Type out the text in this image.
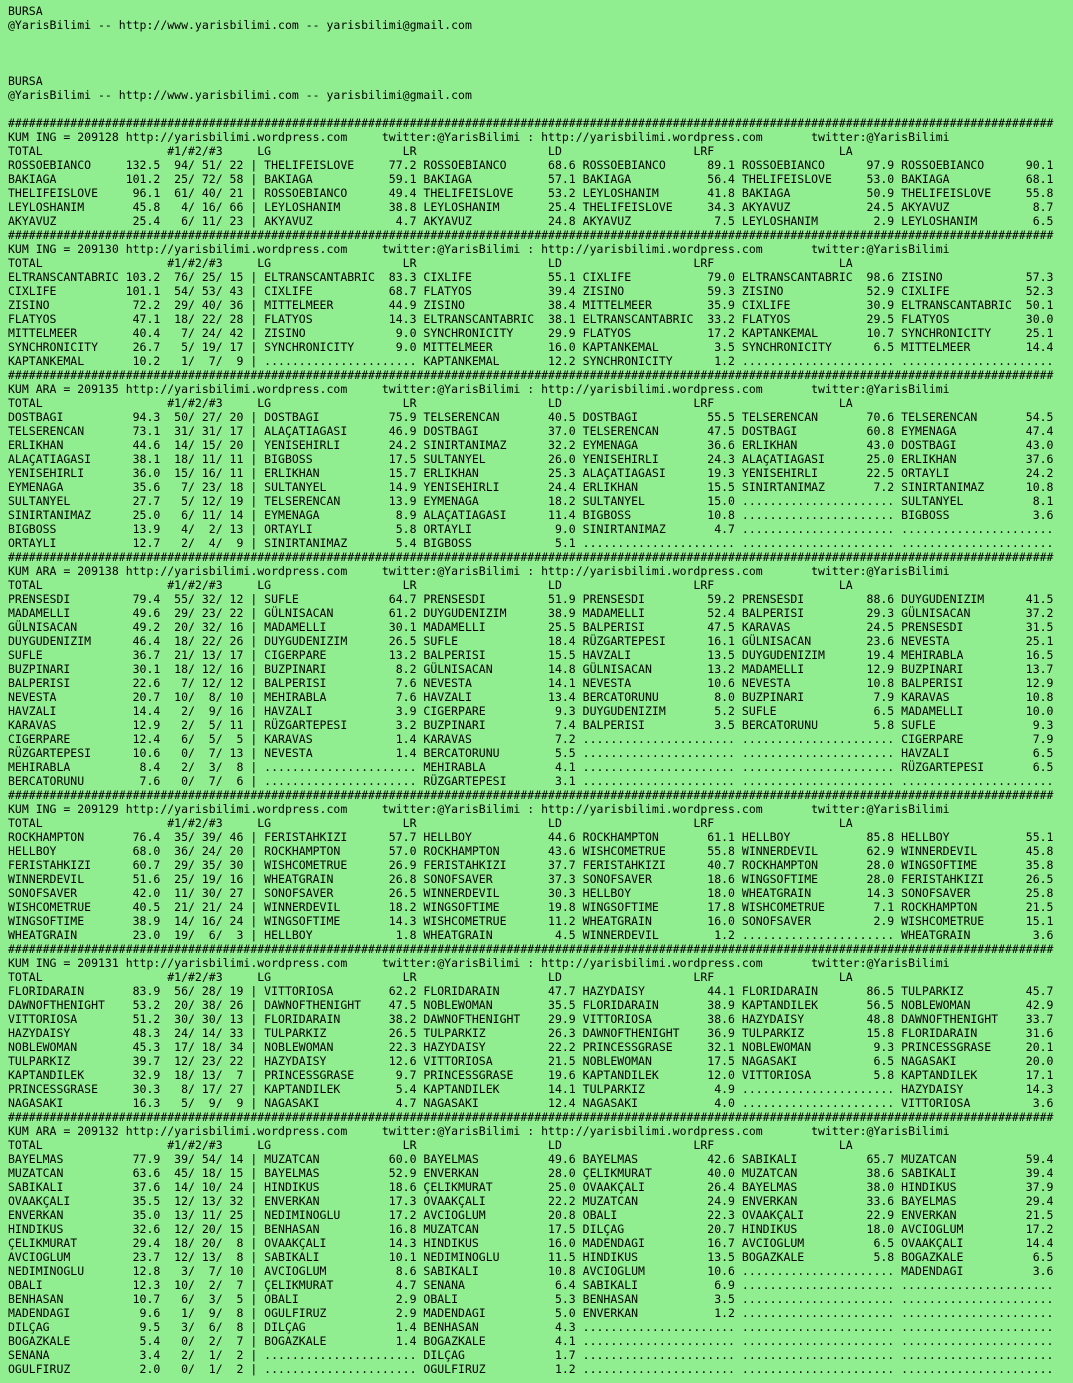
BURSA
@YarisBilimi -- http://www.yarisbilimi.com -- yarisbilimi@gmail.com
BURSA
@YarisBilimi -- http://www.yarisbilimi.com -- yarisbilimi@gmail.com

#######################################################################################################################################################
KUM ING = 209128 http://yarisbilimi.wordpress.com     twitter:@YarisBilimi : http://yarisbilimi.wordpress.com       twitter:@YarisBilimi
TOTAL                  #1/#2/#3     LG                   LR                   LD                   LRF                  LA
ROSSOEBIANCO     132.5  94/ 51/ 22 | THELIFEISLOVE     77.2 ROSSOEBIANCO      68.6 ROSSOEBIANCO      89.1 ROSSOEBIANCO      97.9 ROSSOEBIANCO      90.1
BAKIAGA          101.2  25/ 72/ 58 | BAKIAGA           59.1 BAKIAGA           57.1 BAKIAGA           56.4 THELIFEISLOVE     53.0 BAKIAGA           68.1
THELIFEISLOVE     96.1  61/ 40/ 21 | ROSSOEBIANCO      49.4 THELIFEISLOVE     53.2 LEYLOSHANIM       41.8 BAKIAGA           50.9 THELIFEISLOVE     55.8
LEYLOSHANIM       45.8   4/ 16/ 66 | LEYLOSHANIM       38.8 LEYLOSHANIM       25.4 THELIFEISLOVE     34.3 AKYAVUZ           24.5 AKYAVUZ            8.7
AKYAVUZ           25.4   6/ 11/ 23 | AKYAVUZ            4.7 AKYAVUZ           24.8 AKYAVUZ            7.5 LEYLOSHANIM        2.9 LEYLOSHANIM        6.5
#######################################################################################################################################################
KUM ING = 209130 http://yarisbilimi.wordpress.com     twitter:@YarisBilimi : http://yarisbilimi.wordpress.com       twitter:@YarisBilimi
TOTAL                  #1/#2/#3     LG                   LR                   LD                   LRF                  LA
ELTRANSCANTABRIC 103.2  76/ 25/ 15 | ELTRANSCANTABRIC  83.3 CIXLIFE           55.1 CIXLIFE           79.0 ELTRANSCANTABRIC  98.6 ZISINO            57.3
CIXLIFE          101.1  54/ 53/ 43 | CIXLIFE           68.7 FLATYOS           39.4 ZISINO            59.3 ZISINO            52.9 CIXLIFE           52.3
ZISINO            72.2  29/ 40/ 36 | MITTELMEER        44.9 ZISINO            38.4 MITTELMEER        35.9 CIXLIFE           30.9 ELTRANSCANTABRIC  50.1
FLATYOS           47.1  18/ 22/ 28 | FLATYOS           14.3 ELTRANSCANTABRIC  38.1 ELTRANSCANTABRIC  33.2 FLATYOS           29.5 FLATYOS           30.0
MITTELMEER        40.4   7/ 24/ 42 | ZISINO             9.0 SYNCHRONICITY     29.9 FLATYOS           17.2 KAPTANKEMAL       10.7 SYNCHRONICITY     25.1
SYNCHRONICITY     26.7   5/ 19/ 17 | SYNCHRONICITY      9.0 MITTELMEER        16.0 KAPTANKEMAL        3.5 SYNCHRONICITY      6.5 MITTELMEER        14.4
KAPTANKEMAL       10.2   1/  7/  9 | ...................... KAPTANKEMAL       12.2 SYNCHRONICITY      1.2 ...................... ......................
#######################################################################################################################################################
KUM ARA = 209135 http://yarisbilimi.wordpress.com     twitter:@YarisBilimi : http://yarisbilimi.wordpress.com       twitter:@YarisBilimi
TOTAL                  #1/#2/#3     LG                   LR                   LD                   LRF                  LA
DOSTBAGI          94.3  50/ 27/ 20 | DOSTBAGI          75.9 TELSERENCAN       40.5 DOSTBAGI          55.5 TELSERENCAN       70.6 TELSERENCAN       54.5
TELSERENCAN       73.1  31/ 31/ 17 | ALAÇATIAGASI      46.9 DOSTBAGI          37.0 TELSERENCAN       47.5 DOSTBAGI          60.8 EYMENAGA          47.4
ERLIKHAN          44.6  14/ 15/ 20 | YENISEHIRLI       24.2 SINIRTANIMAZ      32.2 EYMENAGA          36.6 ERLIKHAN          43.0 DOSTBAGI          43.0
ALAÇATIAGASI      38.1  18/ 11/ 11 | BIGBOSS           17.5 SULTANYEL         26.0 YENISEHIRLI       24.3 ALAÇATIAGASI      25.0 ERLIKHAN          37.6
YENISEHIRLI       36.0  15/ 16/ 11 | ERLIKHAN          15.7 ERLIKHAN          25.3 ALAÇATIAGASI      19.3 YENISEHIRLI       22.5 ORTAYLI           24.2
EYMENAGA          35.6   7/ 23/ 18 | SULTANYEL         14.9 YENISEHIRLI       24.4 ERLIKHAN          15.5 SINIRTANIMAZ       7.2 SINIRTANIMAZ      10.8
SULTANYEL         27.7   5/ 12/ 19 | TELSERENCAN       13.9 EYMENAGA          18.2 SULTANYEL         15.0 ...................... SULTANYEL          8.1
SINIRTANIMAZ      25.0   6/ 11/ 14 | EYMENAGA           8.9 ALAÇATIAGASI      11.4 BIGBOSS           10.8 ...................... BIGBOSS            3.6
BIGBOSS           13.9   4/  2/ 13 | ORTAYLI            5.8 ORTAYLI            9.0 SINIRTANIMAZ       4.7 ...................... ......................
ORTAYLI           12.7   2/  4/  9 | SINIRTANIMAZ       5.4 BIGBOSS            5.1 ...................... ...................... ......................
#######################################################################################################################################################
KUM ARA = 209138 http://yarisbilimi.wordpress.com     twitter:@YarisBilimi : http://yarisbilimi.wordpress.com       twitter:@YarisBilimi
TOTAL                  #1/#2/#3     LG                   LR                   LD                   LRF                  LA
PRENSESDI         79.4  55/ 32/ 12 | SUFLE             64.7 PRENSESDI         51.9 PRENSESDI         59.2 PRENSESDI         88.6 DUYGUDENIZIM      41.5
MADAMELLI         49.6  29/ 23/ 22 | GÜLNISACAN        61.2 DUYGUDENIZIM      38.9 MADAMELLI         52.4 BALPERISI         29.3 GÜLNISACAN        37.2
GÜLNISACAN        49.2  20/ 32/ 16 | MADAMELLI         30.1 MADAMELLI         25.5 BALPERISI         47.5 KARAVAS           24.5 PRENSESDI         31.5
DUYGUDENIZIM      46.4  18/ 22/ 26 | DUYGUDENIZIM      26.5 SUFLE             18.4 RÜZGARTEPESI      16.1 GÜLNISACAN        23.6 NEVESTA           25.1
SUFLE             36.7  21/ 13/ 17 | CIGERPARE         13.2 BALPERISI         15.5 HAVZALI           13.5 DUYGUDENIZIM      19.4 MEHIRABLA         16.5
BUZPINARI         30.1  18/ 12/ 16 | BUZPINARI          8.2 GÜLNISACAN        14.8 GÜLNISACAN        13.2 MADAMELLI         12.9 BUZPINARI         13.7
BALPERISI         22.6   7/ 12/ 12 | BALPERISI          7.6 NEVESTA           14.1 NEVESTA           10.6 NEVESTA           10.8 BALPERISI         12.9
NEVESTA           20.7  10/  8/ 10 | MEHIRABLA          7.6 HAVZALI           13.4 BERCATORUNU        8.0 BUZPINARI          7.9 KARAVAS           10.8
HAVZALI           14.4   2/  9/ 16 | HAVZALI            3.9 CIGERPARE          9.3 DUYGUDENIZIM       5.2 SUFLE              6.5 MADAMELLI         10.0
KARAVAS           12.9   2/  5/ 11 | RÜZGARTEPESI       3.2 BUZPINARI          7.4 BALPERISI          3.5 BERCATORUNU        5.8 SUFLE              9.3
CIGERPARE         12.4   6/  5/  5 | KARAVAS            1.4 KARAVAS            7.2 ...................... ...................... CIGERPARE          7.9
RÜZGARTEPESI      10.6   0/  7/ 13 | NEVESTA            1.4 BERCATORUNU        5.5 ...................... ...................... HAVZALI            6.5
MEHIRABLA          8.4   2/  3/  8 | ...................... MEHIRABLA          4.1 ...................... ...................... RÜZGARTEPESI       6.5
BERCATORUNU        7.6   0/  7/  6 | ...................... RÜZGARTEPESI       3.1 ...................... ...................... ......................
#######################################################################################################################################################
KUM ING = 209129 http://yarisbilimi.wordpress.com     twitter:@YarisBilimi : http://yarisbilimi.wordpress.com       twitter:@YarisBilimi
TOTAL                  #1/#2/#3     LG                   LR                   LD                   LRF                  LA
ROCKHAMPTON       76.4  35/ 39/ 46 | FERISTAHKIZI      57.7 HELLBOY           44.6 ROCKHAMPTON       61.1 HELLBOY           85.8 HELLBOY           55.1
HELLBOY           68.0  36/ 24/ 20 | ROCKHAMPTON       57.0 ROCKHAMPTON       43.6 WISHCOMETRUE      55.8 WINNERDEVIL       62.9 WINNERDEVIL       45.8
FERISTAHKIZI      60.7  29/ 35/ 30 | WISHCOMETRUE      26.9 FERISTAHKIZI      37.7 FERISTAHKIZI      40.7 ROCKHAMPTON       28.0 WINGSOFTIME       35.8
WINNERDEVIL       51.6  25/ 19/ 16 | WHEATGRAIN        26.8 SONOFSAVER        37.3 SONOFSAVER        18.6 WINGSOFTIME       28.0 FERISTAHKIZI      26.5
SONOFSAVER        42.0  11/ 30/ 27 | SONOFSAVER        26.5 WINNERDEVIL       30.3 HELLBOY           18.0 WHEATGRAIN        14.3 SONOFSAVER        25.8
WISHCOMETRUE      40.5  21/ 21/ 24 | WINNERDEVIL       18.2 WINGSOFTIME       19.8 WINGSOFTIME       17.8 WISHCOMETRUE       7.1 ROCKHAMPTON       21.5
WINGSOFTIME       38.9  14/ 16/ 24 | WINGSOFTIME       14.3 WISHCOMETRUE      11.2 WHEATGRAIN        16.0 SONOFSAVER         2.9 WISHCOMETRUE      15.1
WHEATGRAIN        23.0  19/  6/  3 | HELLBOY            1.8 WHEATGRAIN         4.5 WINNERDEVIL        1.2 ...................... WHEATGRAIN         3.6
#######################################################################################################################################################
KUM ING = 209131 http://yarisbilimi.wordpress.com     twitter:@YarisBilimi : http://yarisbilimi.wordpress.com       twitter:@YarisBilimi
TOTAL                  #1/#2/#3     LG                   LR                   LD                   LRF                  LA
FLORIDARAIN       83.9  56/ 28/ 19 | VITTORIOSA        62.2 FLORIDARAIN       47.7 HAZYDAISY         44.1 FLORIDARAIN       86.5 TULPARKIZ         45.7
DAWNOFTHENIGHT    53.2  20/ 38/ 26 | DAWNOFTHENIGHT    47.5 NOBLEWOMAN        35.5 FLORIDARAIN       38.9 KAPTANDILEK       56.5 NOBLEWOMAN        42.9
VITTORIOSA        51.2  30/ 30/ 13 | FLORIDARAIN       38.2 DAWNOFTHENIGHT    29.9 VITTORIOSA        38.6 HAZYDAISY         48.8 DAWNOFTHENIGHT    33.7
HAZYDAISY         48.3  24/ 14/ 33 | TULPARKIZ         26.5 TULPARKIZ         26.3 DAWNOFTHENIGHT    36.9 TULPARKIZ         15.8 FLORIDARAIN       31.6
NOBLEWOMAN        45.3  17/ 18/ 34 | NOBLEWOMAN        22.3 HAZYDAISY         22.2 PRINCESSGRASE     32.1 NOBLEWOMAN         9.3 PRINCESSGRASE     20.1
TULPARKIZ         39.7  12/ 23/ 22 | HAZYDAISY         12.6 VITTORIOSA        21.5 NOBLEWOMAN        17.5 NAGASAKI           6.5 NAGASAKI          20.0
KAPTANDILEK       32.9  18/ 13/  7 | PRINCESSGRASE      9.7 PRINCESSGRASE     19.6 KAPTANDILEK       12.0 VITTORIOSA         5.8 KAPTANDILEK       17.1
PRINCESSGRASE     30.3   8/ 17/ 27 | KAPTANDILEK        5.4 KAPTANDILEK       14.1 TULPARKIZ          4.9 ...................... HAZYDAISY         14.3
NAGASAKI          16.3   5/  9/  9 | NAGASAKI           4.7 NAGASAKI          12.4 NAGASAKI           4.0 ...................... VITTORIOSA         3.6
#######################################################################################################################################################
KUM ARA = 209132 http://yarisbilimi.wordpress.com     twitter:@YarisBilimi : http://yarisbilimi.wordpress.com       twitter:@YarisBilimi
TOTAL                  #1/#2/#3     LG                   LR                   LD                   LRF                  LA
BAYELMAS          77.9  39/ 54/ 14 | MUZATCAN          60.0 BAYELMAS          49.6 BAYELMAS          42.6 SABIKALI          65.7 MUZATCAN          59.4
MUZATCAN          63.6  45/ 18/ 15 | BAYELMAS          52.9 ENVERKAN          28.0 ÇELIKMURAT        40.0 MUZATCAN          38.6 SABIKALI          39.4
SABIKALI          37.6  14/ 10/ 24 | HINDIKUS          18.6 ÇELIKMURAT        25.0 OVAAKÇALI         26.4 BAYELMAS          38.0 HINDIKUS          37.9
OVAAKÇALI         35.5  12/ 13/ 32 | ENVERKAN          17.3 OVAAKÇALI         22.2 MUZATCAN          24.9 ENVERKAN          33.6 BAYELMAS          29.4
ENVERKAN          35.0  13/ 11/ 25 | NEDIMINOGLU       17.2 AVCIOGLUM         20.8 OBALI             22.3 OVAAKÇALI         22.9 ENVERKAN          21.5
HINDIKUS          32.6  12/ 20/ 15 | BENHASAN          16.8 MUZATCAN          17.5 DILÇAG            20.7 HINDIKUS          18.0 AVCIOGLUM         17.2
ÇELIKMURAT        29.4  18/ 20/  8 | OVAAKÇALI         14.3 HINDIKUS          16.0 MADENDAGI         16.7 AVCIOGLUM          6.5 OVAAKÇALI         14.4
AVCIOGLUM         23.7  12/ 13/  8 | SABIKALI          10.1 NEDIMINOGLU       11.5 HINDIKUS          13.5 BOGAZKALE          5.8 BOGAZKALE          6.5
NEDIMINOGLU       12.8   3/  7/ 10 | AVCIOGLUM          8.6 SABIKALI          10.8 AVCIOGLUM         10.6 ...................... MADENDAGI          3.6
OBALI             12.3  10/  2/  7 | ÇELIKMURAT         4.7 SENANA             6.4 SABIKALI           6.9 ...................... ......................
BENHASAN          10.7   6/  3/  5 | OBALI              2.9 OBALI              5.3 BENHASAN           3.5 ...................... ......................
MADENDAGI          9.6   1/  9/  8 | OGULFIRUZ          2.9 MADENDAGI          5.0 ENVERKAN           1.2 ...................... ......................
DILÇAG             9.5   3/  6/  8 | DILÇAG             1.4 BENHASAN           4.3 ...................... ...................... ......................
BOGAZKALE          5.4   0/  2/  7 | BOGAZKALE          1.4 BOGAZKALE          4.1 ...................... ...................... ......................
SENANA             3.4   2/  1/  2 | ...................... DILÇAG             1.7 ...................... ...................... ......................
OGULFIRUZ          2.0   0/  1/  2 | ...................... OGULFIRUZ          1.2 ...................... ...................... ......................
